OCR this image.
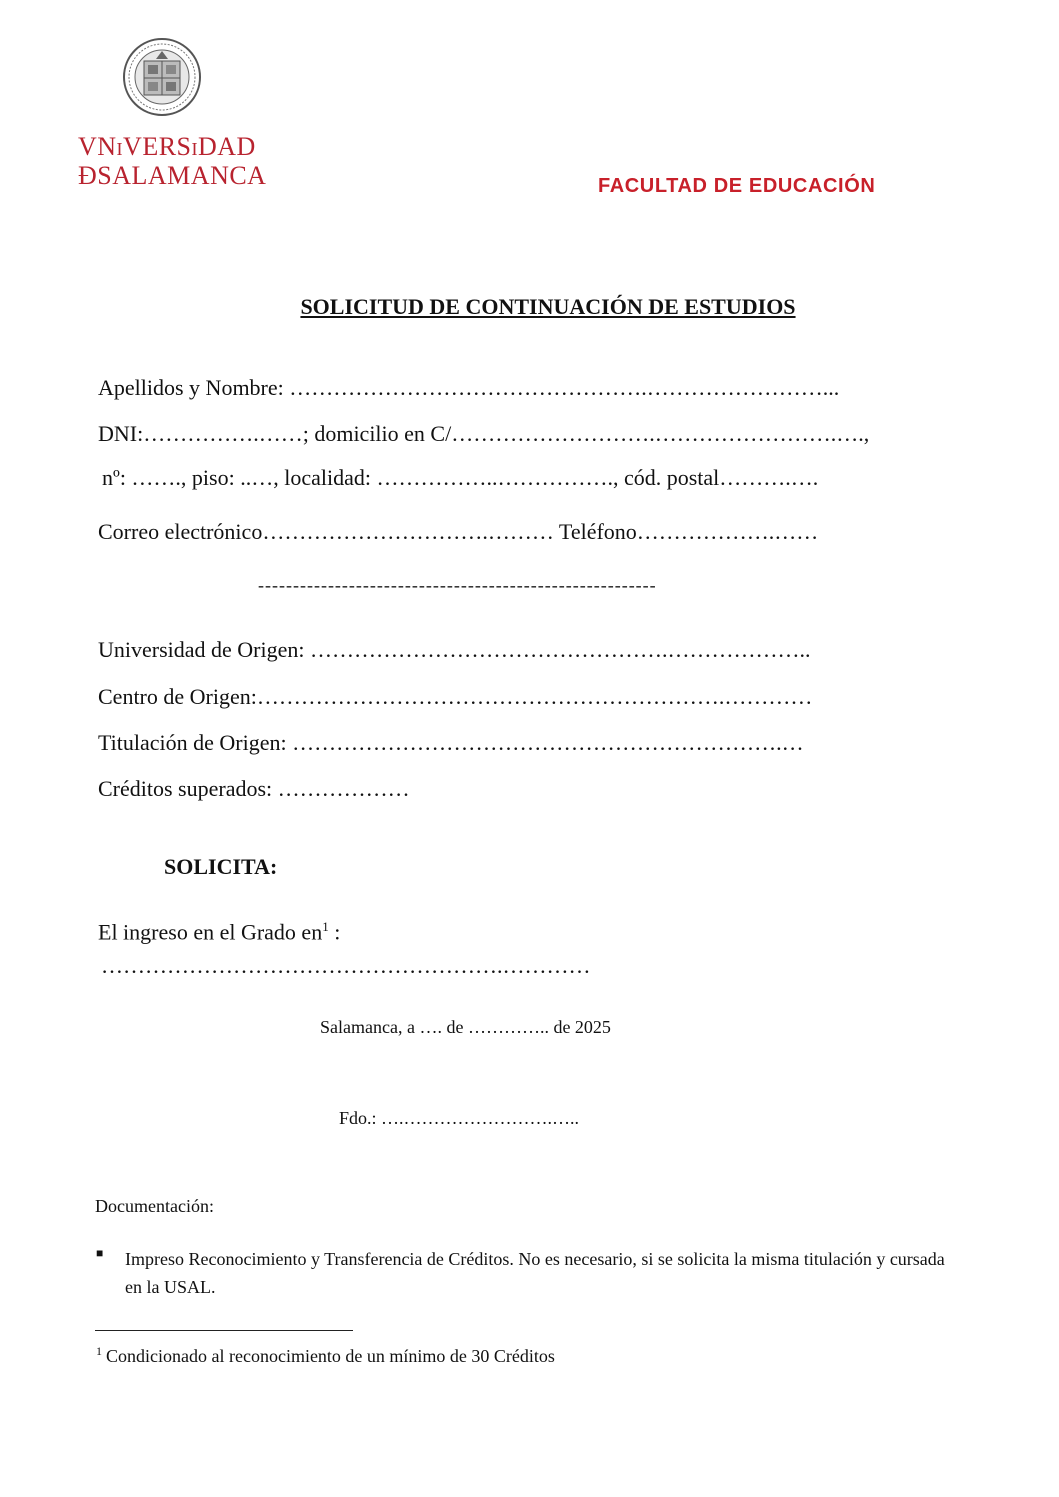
VNiVERSiDAD
ÐSALAMANCA	FACULTAD DE EDUCACIÓN
SOLICITUD DE CONTINUACIÓN DE ESTUDIOS
Apellidos y Nombre: ………………………………………….……………………...
DNI:…………….……; domicilio en C/……………………….…………………….….,
nº: ……., piso: ..…, localidad: ……………..……………., cód. postal……….….
Correo electrónico………………………….……… Teléfono……………….……
---------------------------------------------------------
Universidad de Origen: ………………………………………….………………..
Centro de Origen:……………………………………………………….…………
Titulación de Origen: ………………………………………………………….…
Créditos superados: ………………
SOLICITA:
El ingreso en el Grado $en^1$ :
……………………………………………….…………
Salamanca, a …. de ………….. de 2025
Fdo.: ….…………………….…..
Documentación:
■ Impreso Reconocimiento y Transferencia de Créditos. No es necesario, si se solicita la misma titulación y cursada en la USAL.
$^1$ Condicionado al reconocimiento de un mínimo de 30 Créditos
